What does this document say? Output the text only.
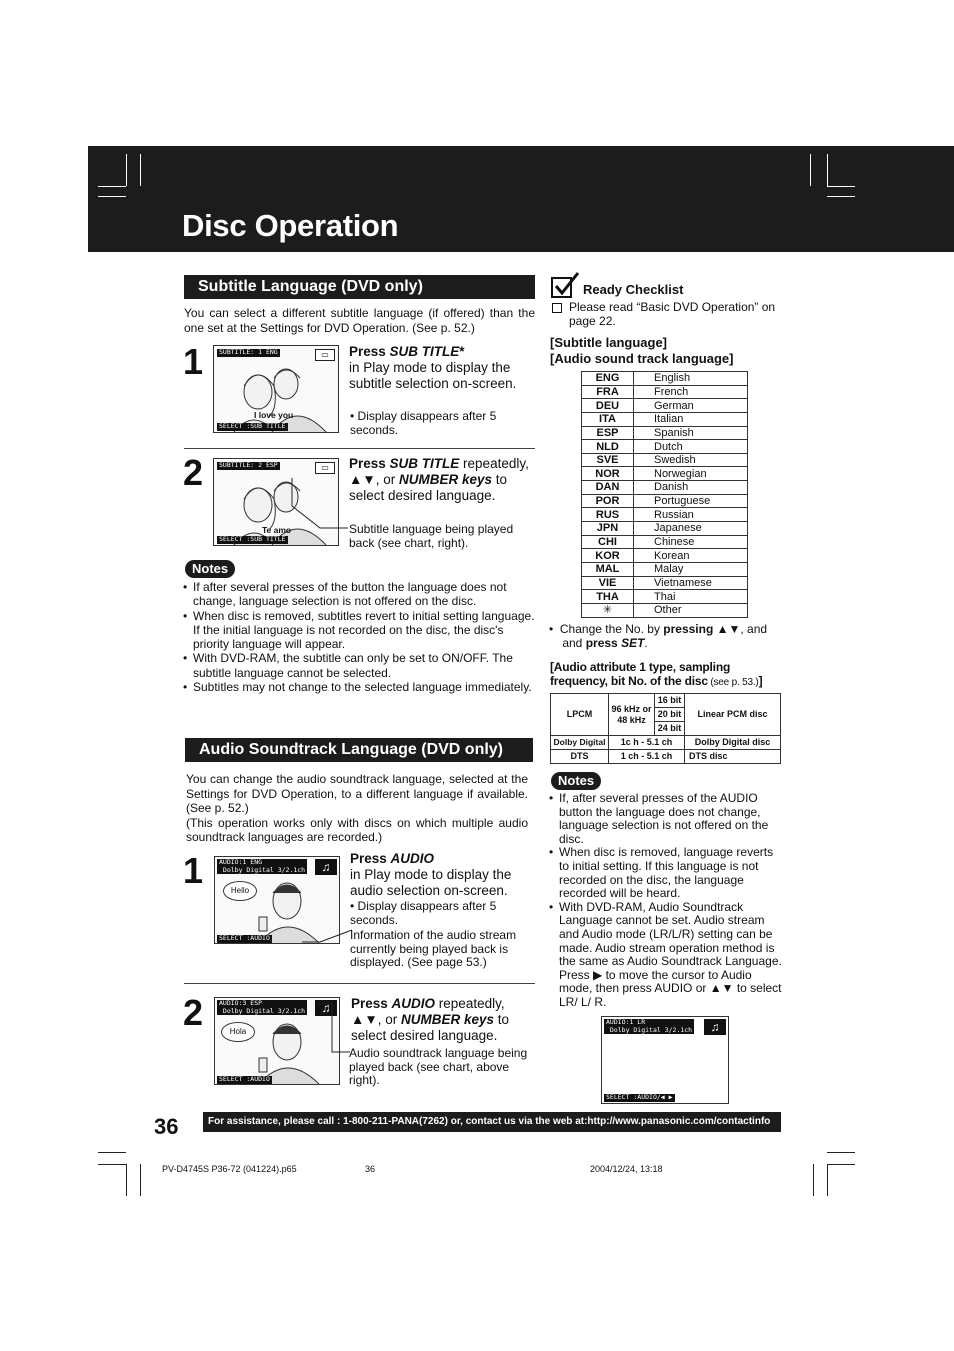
Disc Operation
Subtitle Language (DVD only)
You can select a different subtitle language (if offered) than the one set at the Settings for DVD Operation. (See p. 52.)
1	SUBTITLE: 1 ENG	▭
I love you
SELECT :SUB TITLE
Press SUB TITLE*
in Play mode to display the subtitle selection on-screen.
• Display disappears after 5 seconds.
2	SUBTITLE: 2 ESP	▭
Te amo
SELECT :SUB TITLE
Press SUB TITLE repeatedly, ▲▼, or NUMBER keys to select desired language.
Subtitle language being played back (see chart, right).
Notes
• If after several presses of the button the language does not change, language selection is not offered on the disc.
• When disc is removed, subtitles revert to initial setting language. If the initial language is not recorded on the disc, the disc's priority language will appear.
• With DVD-RAM, the subtitle can only be set to ON/OFF. The subtitle language cannot be selected.
• Subtitles may not change to the selected language immediately.
Audio Soundtrack Language (DVD only)
You can change the audio soundtrack language, selected at the Settings for DVD Operation, to a different language if available. (See p. 52.)
(This operation works only with discs on which multiple audio soundtrack languages are recorded.)
1	AUDIO:1 ENG
Dolby Digital 3/2.1ch	♫
Hello
SELECT :AUDIO
Press AUDIO
in Play mode to display the audio selection on-screen.
• Display disappears after 5 seconds.
Information of the audio stream currently being played back is displayed. (See page 53.)
2	AUDIO:3 ESP
Dolby Digital 3/2.1ch	♫
Hola
SELECT :AUDIO
Press AUDIO repeatedly, ▲▼, or NUMBER keys to select desired language.
Audio soundtrack language being played back (see chart, above right).
Ready Checklist
Please read “Basic DVD Operation” on page 22.
[Subtitle language]
[Audio sound track language]
ENG	English
FRA	French
DEU	German
ITA	Italian
ESP	Spanish
NLD	Dutch
SVE	Swedish
NOR	Norwegian
DAN	Danish
POR	Portuguese
RUS	Russian
JPN	Japanese
CHI	Chinese
KOR	Korean
MAL	Malay
VIE	Vietnamese
THA	Thai
✳	Other
•  Change the No. by pressing ▲▼, and
and press SET.
[Audio attribute 1 type, sampling frequency, bit No. of the disc (see p. 53.)]
LPCM	96 kHz or 48 kHz	16 bit	Linear PCM disc
		20 bit	
		24 bit	
Dolby Digital	1c h - 5.1 ch		Dolby Digital disc
DTS	1 ch - 5.1 ch		DTS disc
Notes
• If, after several presses of the AUDIO button the language does not change, language selection is not offered on the disc.
• When disc is removed, language reverts to initial setting. If this language is not recorded on the disc, the language recorded will be heard.
• With DVD-RAM, Audio Soundtrack Language cannot be set. Audio stream and Audio mode (LR/L/R) setting can be made. Audio stream operation method is the same as Audio Soundtrack Language. Press ▶ to move the cursor to Audio mode, then press AUDIO or ▲▼ to select LR/ L/ R.
AUDIO:1 LR
Dolby Digital 3/2.1ch	♫
SELECT :AUDIO/◀ ▶
36	For assistance, please call : 1-800-211-PANA(7262) or, contact us via the web at:http://www.panasonic.com/contactinfo
PV-D4745S P36-72 (041224).p65	36	2004/12/24, 13:18
